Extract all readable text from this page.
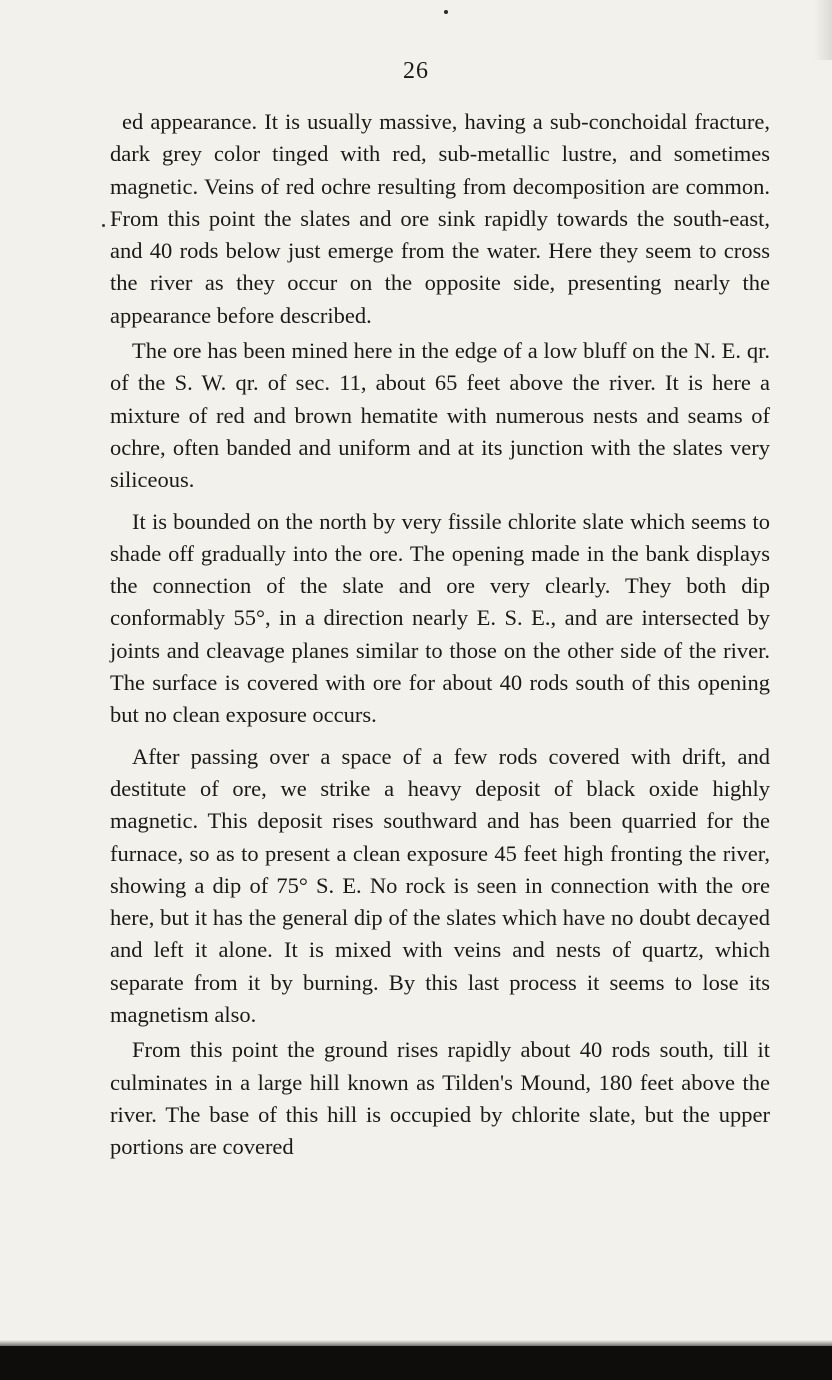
26

ed appearance. It is usually massive, having a sub-conchoidal fracture, dark grey color tinged with red, sub-metallic lustre, and sometimes magnetic. Veins of red ochre resulting from decomposition are common. From this point the slates and ore sink rapidly towards the south-east, and 40 rods below just emerge from the water. Here they seem to cross the river as they occur on the opposite side, presenting nearly the appearance before described.

The ore has been mined here in the edge of a low bluff on the N. E. qr. of the S. W. qr. of sec. 11, about 65 feet above the river. It is here a mixture of red and brown hematite with numerous nests and seams of ochre, often banded and uniform and at its junction with the slates very siliceous.

It is bounded on the north by very fissile chlorite slate which seems to shade off gradually into the ore. The opening made in the bank displays the connection of the slate and ore very clearly. They both dip conformably 55°, in a direction nearly E. S. E., and are intersected by joints and cleavage planes similar to those on the other side of the river. The surface is covered with ore for about 40 rods south of this opening but no clean exposure occurs.

After passing over a space of a few rods covered with drift, and destitute of ore, we strike a heavy deposit of black oxide highly magnetic. This deposit rises southward and has been quarried for the furnace, so as to present a clean exposure 45 feet high fronting the river, showing a dip of 75° S. E. No rock is seen in connection with the ore here, but it has the general dip of the slates which have no doubt decayed and left it alone. It is mixed with veins and nests of quartz, which separate from it by burning. By this last process it seems to lose its magnetism also.

From this point the ground rises rapidly about 40 rods south, till it culminates in a large hill known as Tilden's Mound, 180 feet above the river. The base of this hill is occupied by chlorite slate, but the upper portions are covered
